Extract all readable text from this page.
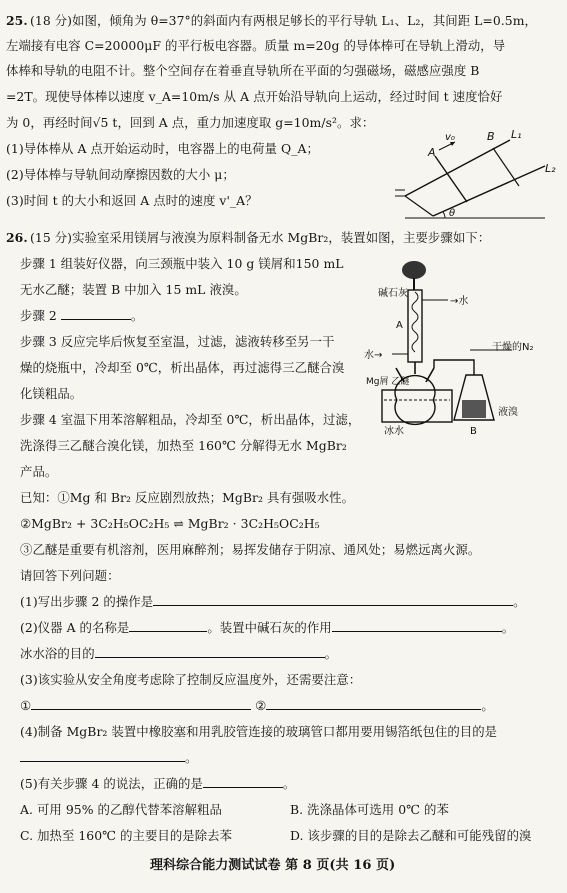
25. (18 分)如图，倾角为 θ=37°的斜面内有两根足够长的平行导轨 L₁、L₂，其间距 L=0.5m，
左端接有电容 C=20000μF 的平行板电容器。质量 m=20g 的导体棒可在导轨上滑动，导
体棒和导轨的电阻不计。整个空间存在着垂直导轨所在平面的匀强磁场，磁感应强度 B
=2T。现使导体棒以速度 v_A=10m/s 从 A 点开始沿导轨向上运动，经过时间 t 速度恰好
为 0，再经时间√5 t，回到 A 点，重力加速度取 g=10m/s²。求：
(1)导体棒从 A 点开始运动时，电容器上的电荷量 Q_A；
(2)导体棒与导轨间动摩擦因数的大小 μ；
(3)时间 t 的大小和返回 A 点时的速度 v'_A？
A
v₀	B L₁
L₂
θ
26. (15 分)实验室采用镁屑与液溴为原料制备无水 MgBr₂，装置如图，主要步骤如下：
步骤 1 组装好仪器，向三颈瓶中装入 10 g 镁屑和150 mL
无水乙醚；装置 B 中加入 15 mL 液溴。
步骤 2	。
步骤 3 反应完毕后恢复至室温，过滤，滤液转移至另一干
燥的烧瓶中，冷却至 0℃，析出晶体，再过滤得三乙醚合溴
化镁粗品。
步骤 4 室温下用苯溶解粗品，冷却至 0℃，析出晶体，过滤，
洗涤得三乙醚合溴化镁，加热至 160℃ 分解得无水 MgBr₂
产品。
碱石灰
→水
A
水→
干燥的N₂
Mg屑 乙醚
冰水
液溴
B
已知：①Mg 和 Br₂ 反应剧烈放热；MgBr₂ 具有强吸水性。
②MgBr₂ + 3C₂H₅OC₂H₅ ⇌ MgBr₂ · 3C₂H₅OC₂H₅
③乙醚是重要有机溶剂，医用麻醉剂；易挥发储存于阴凉、通风处；易燃远离火源。
请回答下列问题：
(1)写出步骤 2 的操作是	。
(2)仪器 A 的名称是	。装置中碱石灰的作用	。
冰水浴的目的	。
(3)该实验从安全角度考虑除了控制反应温度外，还需要注意：
①	②	。
(4)制备 MgBr₂ 装置中橡胶塞和用乳胶管连接的玻璃管口都用要用锡箔纸包住的目的是
。
(5)有关步骤 4 的说法，正确的是	。
A. 可用 95% 的乙醇代替苯溶解粗品	B. 洗涤晶体可选用 0℃ 的苯
C. 加热至 160℃ 的主要目的是除去苯	D. 该步骤的目的是除去乙醚和可能残留的溴
理科综合能力测试试卷 第 8 页(共 16 页)
